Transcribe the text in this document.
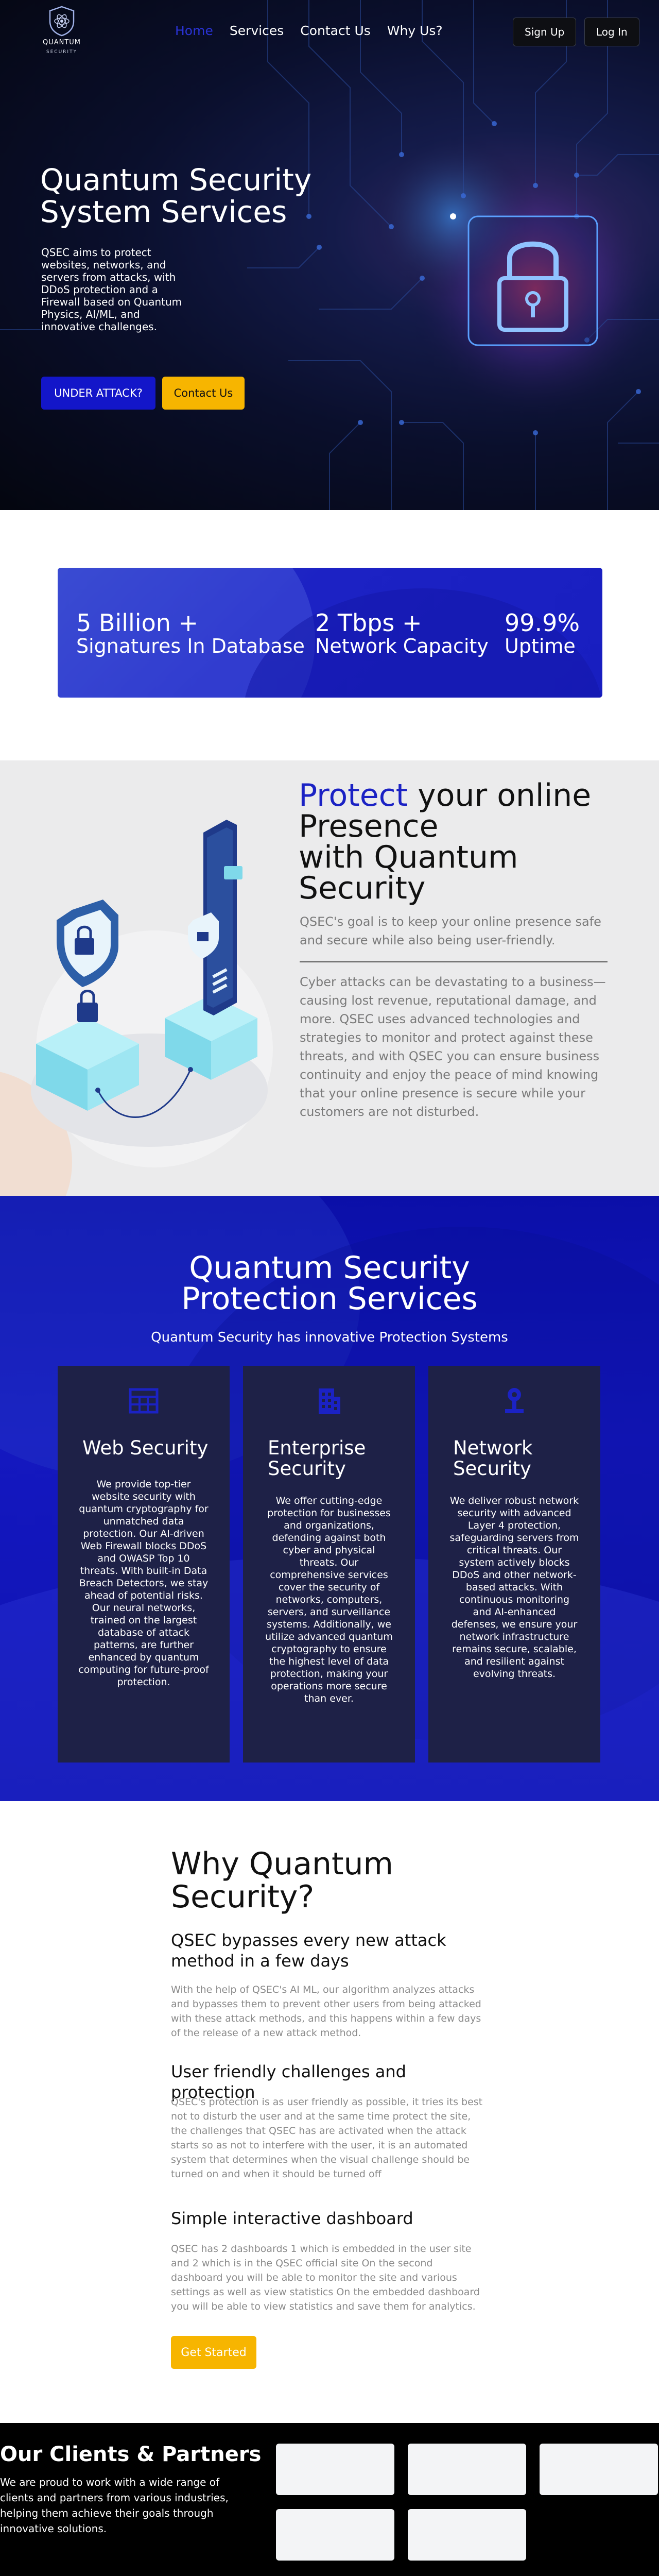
QUANTUM
SECURITY
Home Services Contact Us Why Us?	Sign Up	Log In
Quantum Security
System Services

QSEC aims to protect websites, networks, and servers from attacks, with DDoS protection and a Firewall based on Quantum Physics, AI/ML, and innovative challenges.

UNDER ATTACK?	Contact Us
5 Billion +
Signatures In Database
2 Tbps +
Network Capacity
99.9%
Uptime
Protect your online
Presence
with Quantum
Security

QSEC's goal is to keep your online presence safe and secure while also being user-friendly.

Cyber attacks can be devastating to a business—causing lost revenue, reputational damage, and more. QSEC uses advanced technologies and strategies to monitor and protect against these threats, and with QSEC you can ensure business continuity and enjoy the peace of mind knowing that your online presence is secure while your customers are not disturbed.

Quantum Security
Protection Services

Quantum Security has innovative Protection Systems

Web Security

We provide top-tier website security with quantum cryptography for unmatched data protection. Our AI-driven Web Firewall blocks DDoS and OWASP Top 10 threats. With built-in Data Breach Detectors, we stay ahead of potential risks. Our neural networks, trained on the largest database of attack patterns, are further enhanced by quantum computing for future-proof protection.

Enterprise
Security

We offer cutting-edge protection for businesses and organizations, defending against both cyber and physical threats. Our comprehensive services cover the security of networks, computers, servers, and surveillance systems. Additionally, we utilize advanced quantum cryptography to ensure the highest level of data protection, making your operations more secure than ever.

Network
Security

We deliver robust network security with advanced Layer 4 protection, safeguarding servers from critical threats. Our system actively blocks DDoS and other network-based attacks. With continuous monitoring and AI-enhanced defenses, we ensure your network infrastructure remains secure, scalable, and resilient against evolving threats.

Why Quantum
Security?
QSEC bypasses every new attack method in a few days

With the help of QSEC's AI ML, our algorithm analyzes attacks and bypasses them to prevent other users from being attacked with these attack methods, and this happens within a few days of the release of a new attack method.

User friendly challenges and protection

QSEC's protection is as user friendly as possible, it tries its best not to disturb the user and at the same time protect the site, the challenges that QSEC has are activated when the attack starts so as not to interfere with the user, it is an automated system that determines when the visual challenge should be turned on and when it should be turned off

Simple interactive dashboard

QSEC has 2 dashboards 1 which is embedded in the user site and 2 which is in the QSEC official site On the second dashboard you will be able to monitor the site and various settings as well as view statistics On the embedded dashboard you will be able to view statistics and save them for analytics.

Get Started
Our Clients & Partners

We are proud to work with a wide range of clients and partners from various industries, helping them achieve their goals through innovative solutions.
